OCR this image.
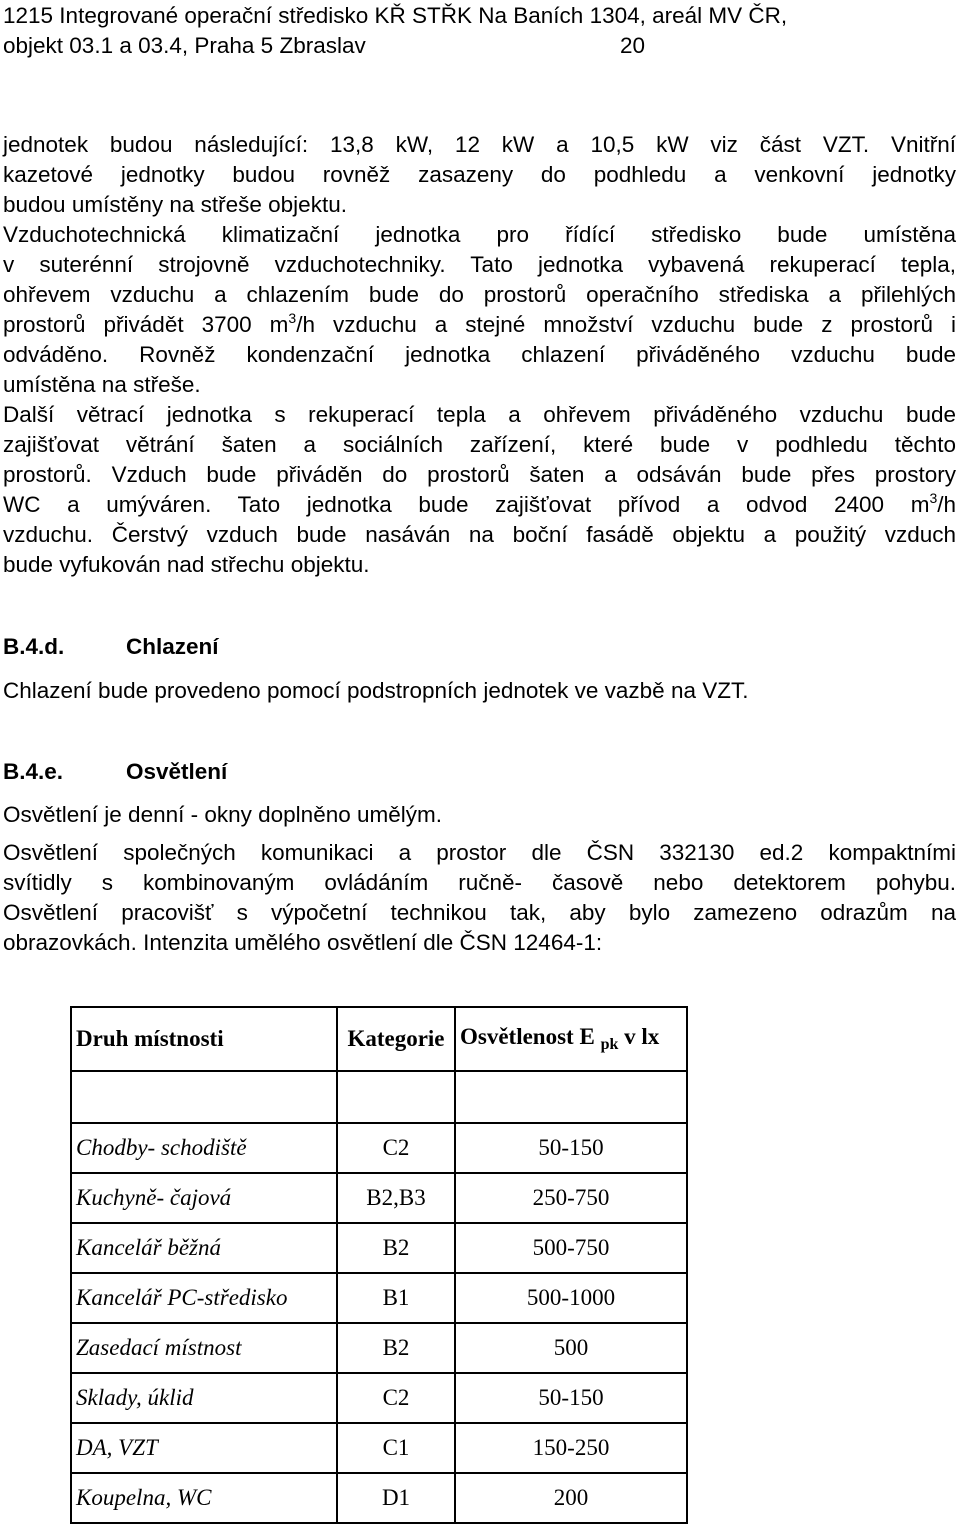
1215 Integrované operační středisko KŘ STŘK Na Baních 1304, areál MV ČR,
objekt 03.1 a 03.4, Praha 5 Zbraslav	20
jednotek budou následující: 13,8 kW, 12 kW a 10,5 kW viz část VZT. Vnitřní
kazetové jednotky budou rovněž zasazeny do podhledu a venkovní jednotky
budou umístěny na střeše objektu.
Vzduchotechnická klimatizační jednotka pro řídící středisko bude umístěna
v suterénní strojovně vzduchotechniky. Tato jednotka vybavená rekuperací tepla,
ohřevem vzduchu a chlazením bude do prostorů operačního střediska a přilehlých
prostorů přivádět 3700 $m^3/h$ vzduchu a stejné množství vzduchu bude z prostorů i
odváděno. Rovněž kondenzační jednotka chlazení přiváděného vzduchu bude
umístěna na střeše.
Další větrací jednotka s rekuperací tepla a ohřevem přiváděného vzduchu bude
zajišťovat větrání šaten a sociálních zařízení, které bude v podhledu těchto
prostorů. Vzduch bude přiváděn do prostorů šaten a odsáván bude přes prostory
WC a umýváren. Tato jednotka bude zajišťovat přívod a odvod 2400 $m^3/h$
vzduchu. Čerstvý vzduch bude nasáván na boční fasádě objektu a použitý vzduch
bude vyfukován nad střechu objektu.
B.4.d.	Chlazení
Chlazení bude provedeno pomocí podstropních jednotek ve vazbě na VZT.
B.4.e.	Osvětlení
Osvětlení je denní - okny doplněno umělým.
Osvětlení společných komunikaci a prostor dle ČSN 332130 ed.2 kompaktními
svítidly s kombinovaným ovládáním ručně- časově nebo detektorem pohybu.
Osvětlení pracovišť s výpočetní technikou tak, aby bylo zamezeno odrazům na
obrazovkách. Intenzita umělého osvětlení dle ČSN 12464-1:
Druh místnosti	Kategorie	Osvětlenost E $_{pk}$ v lx

Chodby- schodiště	C2	50-150
Kuchyně- čajová	B2,B3	250-750
Kancelář běžná	B2	500-750
Kancelář PC-středisko	B1	500-1000
Zasedací místnost	B2	500
Sklady, úklid	C2	50-150
DA, VZT	C1	150-250
Koupelna, WC	D1	200
